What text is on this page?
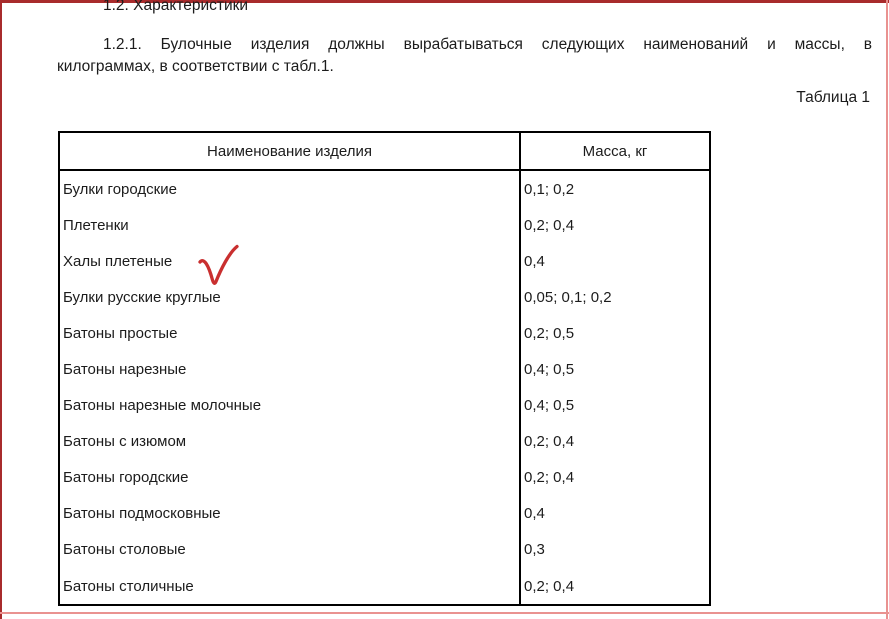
1.2. Характеристики
1.2.1. Булочные изделия должны вырабатываться следующих наименований и массы, в
килограммах, в соответствии с табл.1.
Таблица 1
Наименование изделия	Масса, кг
Булки городские	0,1; 0,2
Плетенки	0,2; 0,4
Халы плетеные	0,4
Булки русские круглые	0,05; 0,1; 0,2
Батоны простые	0,2; 0,5
Батоны нарезные	0,4; 0,5
Батоны нарезные молочные	0,4; 0,5
Батоны с изюмом	0,2; 0,4
Батоны городские	0,2; 0,4
Батоны подмосковные	0,4
Батоны столовые	0,3
Батоны столичные	0,2; 0,4
